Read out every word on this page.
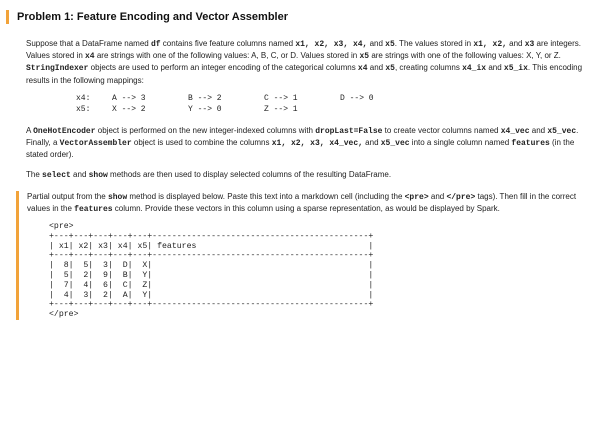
Problem 1: Feature Encoding and Vector Assembler

Suppose that a DataFrame named df contains five feature columns named x1, x2, x3, x4, and x5. The values stored in x1, x2, and x3 are integers. Values stored in x4 are strings with one of the following values: A, B, C, or D. Values stored in x5 are strings with one of the following values: X, Y, or Z. StringIndexer objects are used to perform an integer encoding of the categorical columns x4 and x5, creating columns x4_ix and x5_ix. This encoding results in the following mappings:

x4:	A --> 3	B --> 2	C --> 1	D --> 0
x5:	X --> 2	Y --> 0	Z --> 1

A OneHotEncoder object is performed on the new integer-indexed columns with dropLast=False to create vector columns named x4_vec and x5_vec. Finally, a VectorAssembler object is used to combine the columns x1, x2, x3, x4_vec, and x5_vec into a single column named features (in the stated order).

The select and show methods are then used to display selected columns of the resulting DataFrame.

Partial output from the show method is displayed below. Paste this text into a markdown cell (including the <pre> and </pre> tags). Then fill in the correct values in the features column. Provide these vectors in this column using a sparse representation, as would be displayed by Spark.

<pre>
+---+---+---+---+---+--------------------------------------------+
| x1| x2| x3| x4| x5| features                                   |
+---+---+---+---+---+--------------------------------------------+
|  8|  5|  3|  D|  X|                                            |
|  5|  2|  9|  B|  Y|                                            |
|  7|  4|  6|  C|  Z|                                            |
|  4|  3|  2|  A|  Y|                                            |
+---+---+---+---+---+--------------------------------------------+
</pre>
